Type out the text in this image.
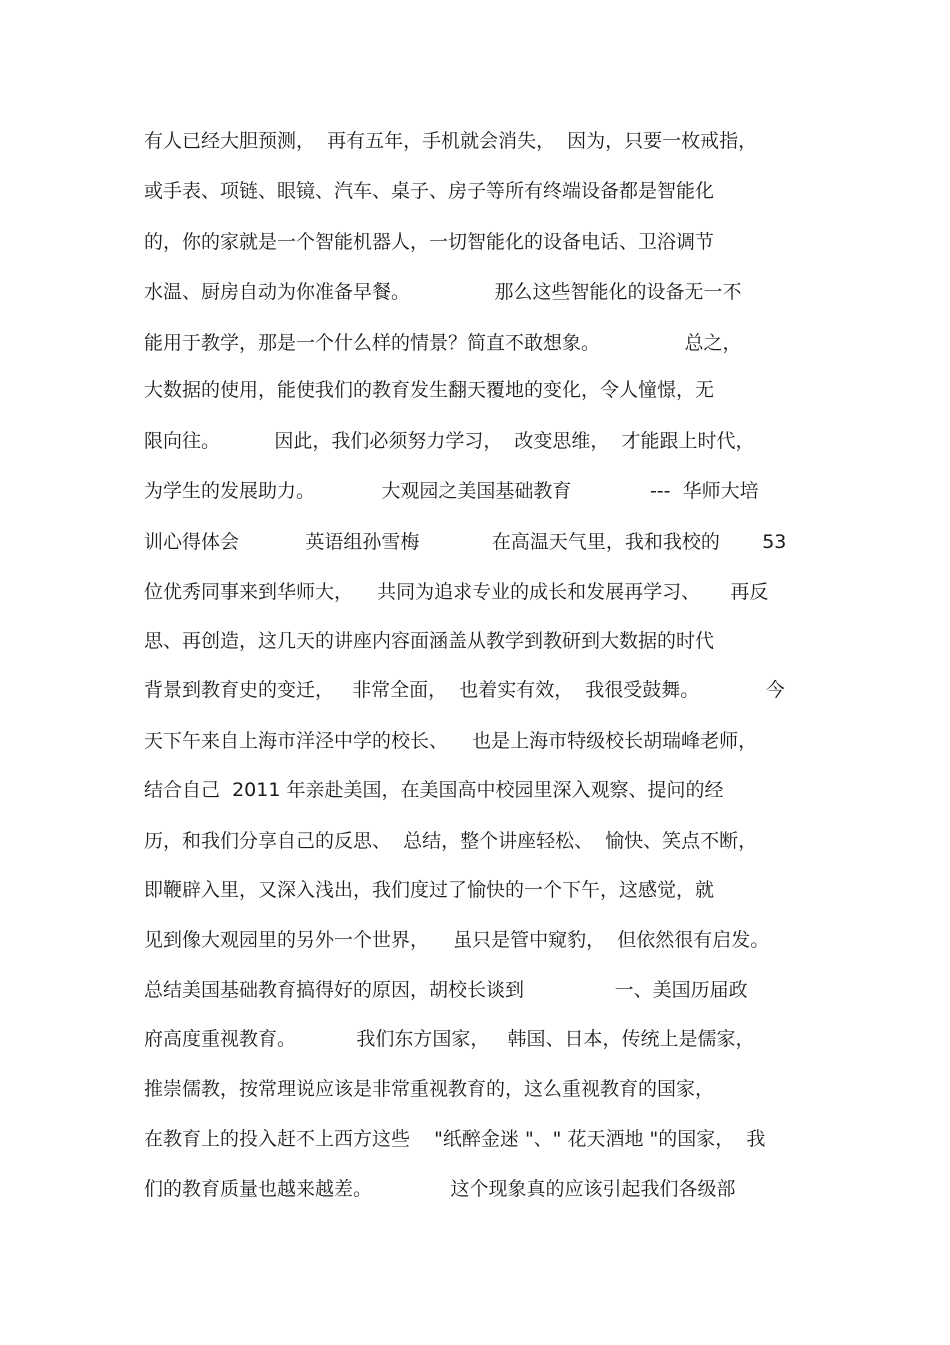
有人已经大胆预测，  再有五年，手机就会消失，  因为，只要一枚戒指，
或手表、项链、眼镜、汽车、桌子、房子等所有终端设备都是智能化
的，你的家就是一个智能机器人，一切智能化的设备电话、卫浴调节
水温、厨房自动为你准备早餐。              那么这些智能化的设备无一不
能用于教学，那是一个什么样的情景？简直不敢想象。              总之，
大数据的使用，能使我们的教育发生翻天覆地的变化，令人憧憬，无
限向往。         因此，我们必须努力学习，  改变思维，  才能跟上时代，
为学生的发展助力。           大观园之美国基础教育             ---  华师大培
训心得体会           英语组孙雪梅            在高温天气里，我和我校的       53
位优秀同事来到华师大，    共同为追求专业的成长和发展再学习、     再反
思、再创造，这几天的讲座内容面涵盖从教学到教研到大数据的时代
背景到教育史的变迁，   非常全面，  也着实有效，  我很受鼓舞。           今
天下午来自上海市洋泾中学的校长、    也是上海市特级校长胡瑞峰老师，
结合自己  2011 年亲赴美国，在美国高中校园里深入观察、提问的经
历，和我们分享自己的反思、  总结，整个讲座轻松、  愉快、笑点不断，
即鞭辟入里，又深入浅出，我们度过了愉快的一个下午，这感觉，就
见到像大观园里的另外一个世界，    虽只是管中窥豹，  但依然很有启发。
总结美国基础教育搞得好的原因，胡校长谈到               一、美国历届政
府高度重视教育。          我们东方国家，   韩国、日本，传统上是儒家，
推崇儒教，按常理说应该是非常重视教育的，这么重视教育的国家，
在教育上的投入赶不上西方这些    "纸醉金迷 "、" 花天酒地 "的国家，  我
们的教育质量也越来越差。             这个现象真的应该引起我们各级部
